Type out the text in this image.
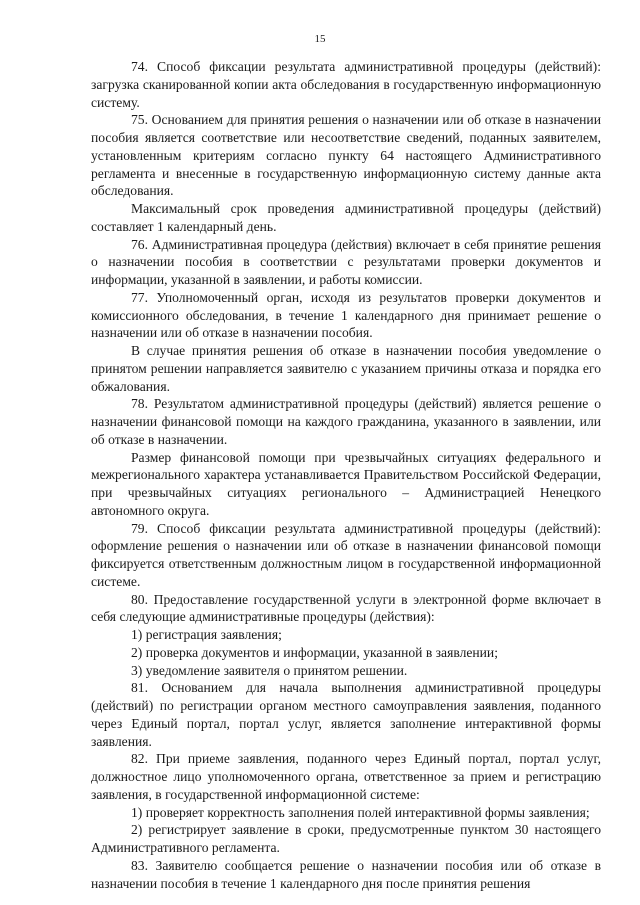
15

74. Способ фиксации результата административной процедуры (действий): загрузка сканированной копии акта обследования в государственную информационную систему.

75. Основанием для принятия решения о назначении или об отказе в назначении пособия является соответствие или несоответствие сведений, поданных заявителем, установленным критериям согласно пункту 64 настоящего Административного регламента и внесенные в государственную информационную систему данные акта обследования.

Максимальный срок проведения административной процедуры (действий) составляет 1 календарный день.

76. Административная процедура (действия) включает в себя принятие решения о назначении пособия в соответствии с результатами проверки документов и информации, указанной в заявлении, и работы комиссии.

77. Уполномоченный орган, исходя из результатов проверки документов и комиссионного обследования, в течение 1 календарного дня принимает решение о назначении или об отказе в назначении пособия.

В случае принятия решения об отказе в назначении пособия уведомление о принятом решении направляется заявителю с указанием причины отказа и порядка его обжалования.

78. Результатом административной процедуры (действий) является решение о назначении финансовой помощи на каждого гражданина, указанного в заявлении, или об отказе в назначении.

Размер финансовой помощи при чрезвычайных ситуациях федерального и межрегионального характера устанавливается Правительством Российской Федерации, при чрезвычайных ситуациях регионального – Администрацией Ненецкого автономного округа.

79. Способ фиксации результата административной процедуры (действий): оформление решения о назначении или об отказе в назначении финансовой помощи фиксируется ответственным должностным лицом в государственной информационной системе.

80. Предоставление государственной услуги в электронной форме включает в себя следующие административные процедуры (действия):

1) регистрация заявления;

2) проверка документов и информации, указанной в заявлении;

3) уведомление заявителя о принятом решении.

81. Основанием для начала выполнения административной процедуры (действий) по регистрации органом местного самоуправления заявления, поданного через Единый портал, портал услуг, является заполнение интерактивной формы заявления.

82. При приеме заявления, поданного через Единый портал, портал услуг, должностное лицо уполномоченного органа, ответственное за прием и регистрацию заявления, в государственной информационной системе:

1) проверяет корректность заполнения полей интерактивной формы заявления;

2) регистрирует заявление в сроки, предусмотренные пунктом 30 настоящего Административного регламента.

83. Заявителю сообщается решение о назначении пособия или об отказе в назначении пособия в течение 1 календарного дня после принятия решения
